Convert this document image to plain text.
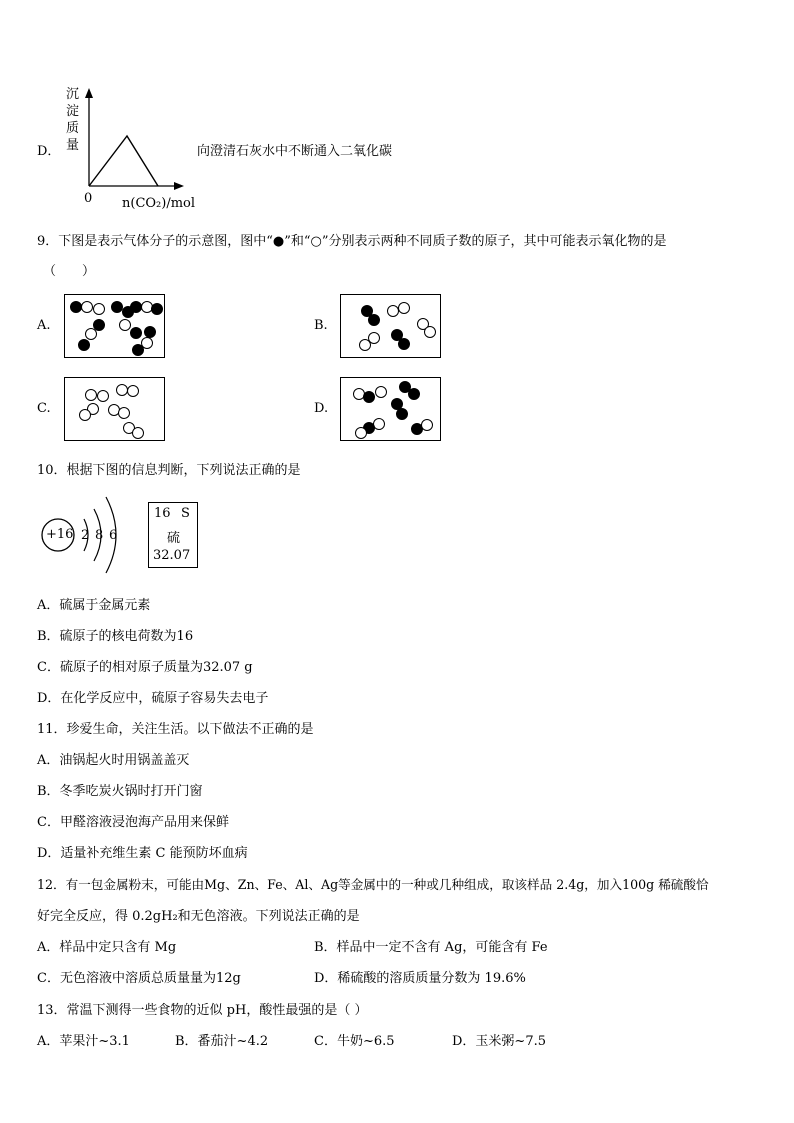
D．
沉
淀
质
量
0 n(CO₂)/mol
向澄清石灰水中不断通入二氧化碳
9．下图是表示气体分子的示意图，图中“●”和“○”分别表示两种不同质子数的原子，其中可能表示氧化物的是
（　　）
A.	B.
C.	D.
10．根据下图的信息判断，下列说法正确的是
+16 2 8 6
16 S
硫
32.07
A．硫属于金属元素
B．硫原子的核电荷数为16
C．硫原子的相对原子质量为32.07 g
D．在化学反应中，硫原子容易失去电子
11．珍爱生命，关注生活。以下做法不正确的是
A．油锅起火时用锅盖盖灭
B．冬季吃炭火锅时打开门窗
C．甲醛溶液浸泡海产品用来保鲜
D．适量补充维生素 C 能预防坏血病
12．有一包金属粉末，可能由Mg、Zn、Fe、Al、Ag等金属中的一种或几种组成，取该样品 2.4g，加入100g 稀硫酸恰
好完全反应，得 0.2gH₂和无色溶液。下列说法正确的是
A．样品中定只含有 Mg	B．样品中一定不含有 Ag，可能含有 Fe
C．无色溶液中溶质总质量量为12g	D．稀硫酸的溶质质量分数为 19.6%
13．常温下测得一些食物的近似 pH，酸性最强的是（ ）
A．苹果汁~3.1	B．番茄汁~4.2	C．牛奶~6.5	D．玉米粥~7.5
